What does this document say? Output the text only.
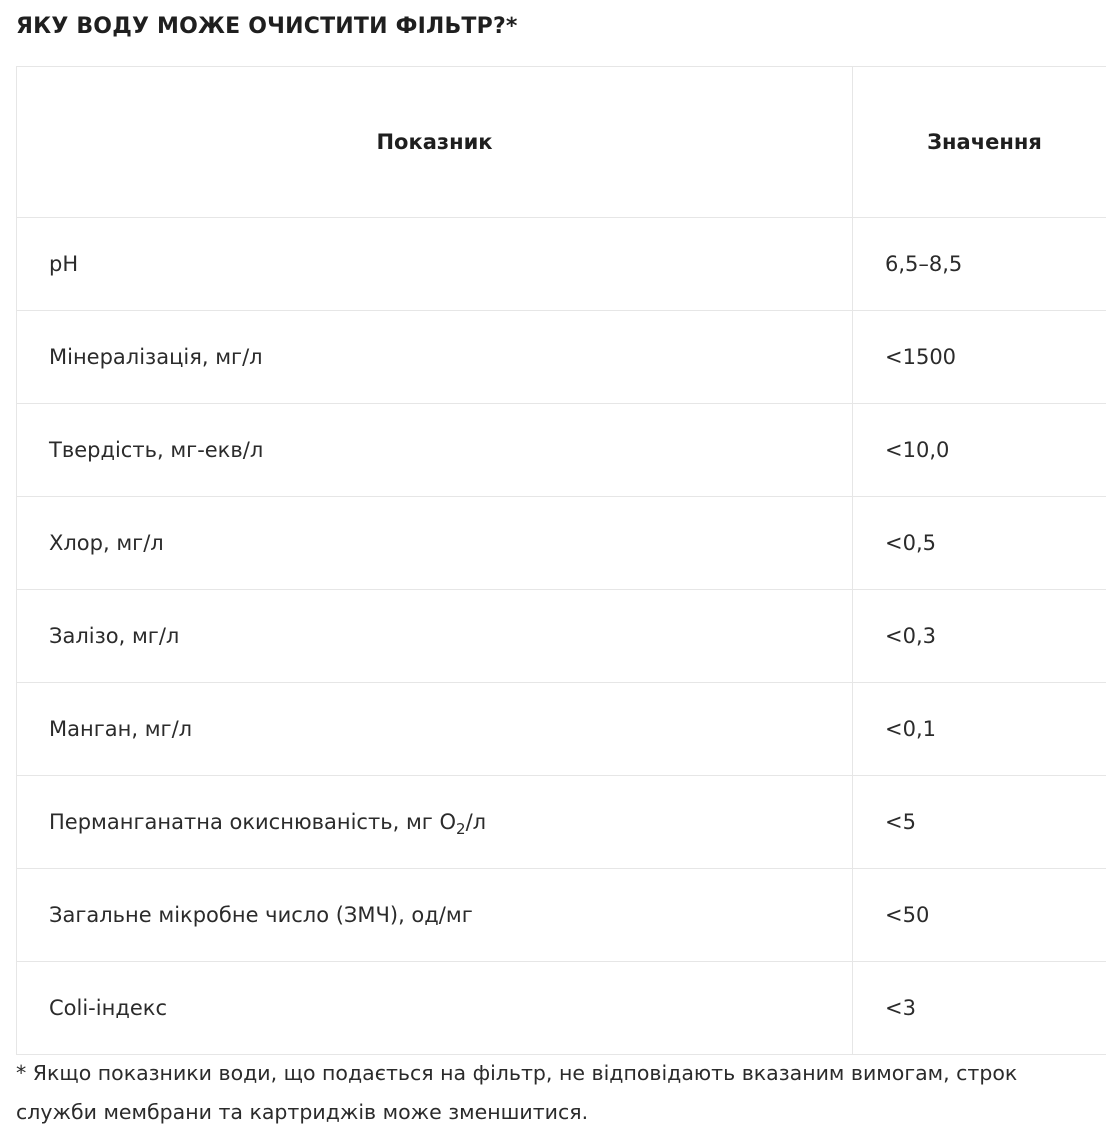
ЯКУ ВОДУ МОЖЕ ОЧИСТИТИ ФІЛЬТР?*
Показник	Значення
pH	6,5–8,5
Мінералізація, мг/л	<1500
Твердість, мг-екв/л	<10,0
Хлор, мг/л	<0,5
Залізо, мг/л	<0,3
Манган, мг/л	<0,1
Перманганатна окиснюваність, мг $O_2/л$	<5
Загальне мікробне число (ЗМЧ), од/мг	<50
Coli-індекс	<3

* Якщо показники води, що подається на фільтр, не відповідають вказаним вимогам, строк служби мембрани та картриджів може зменшитися.
